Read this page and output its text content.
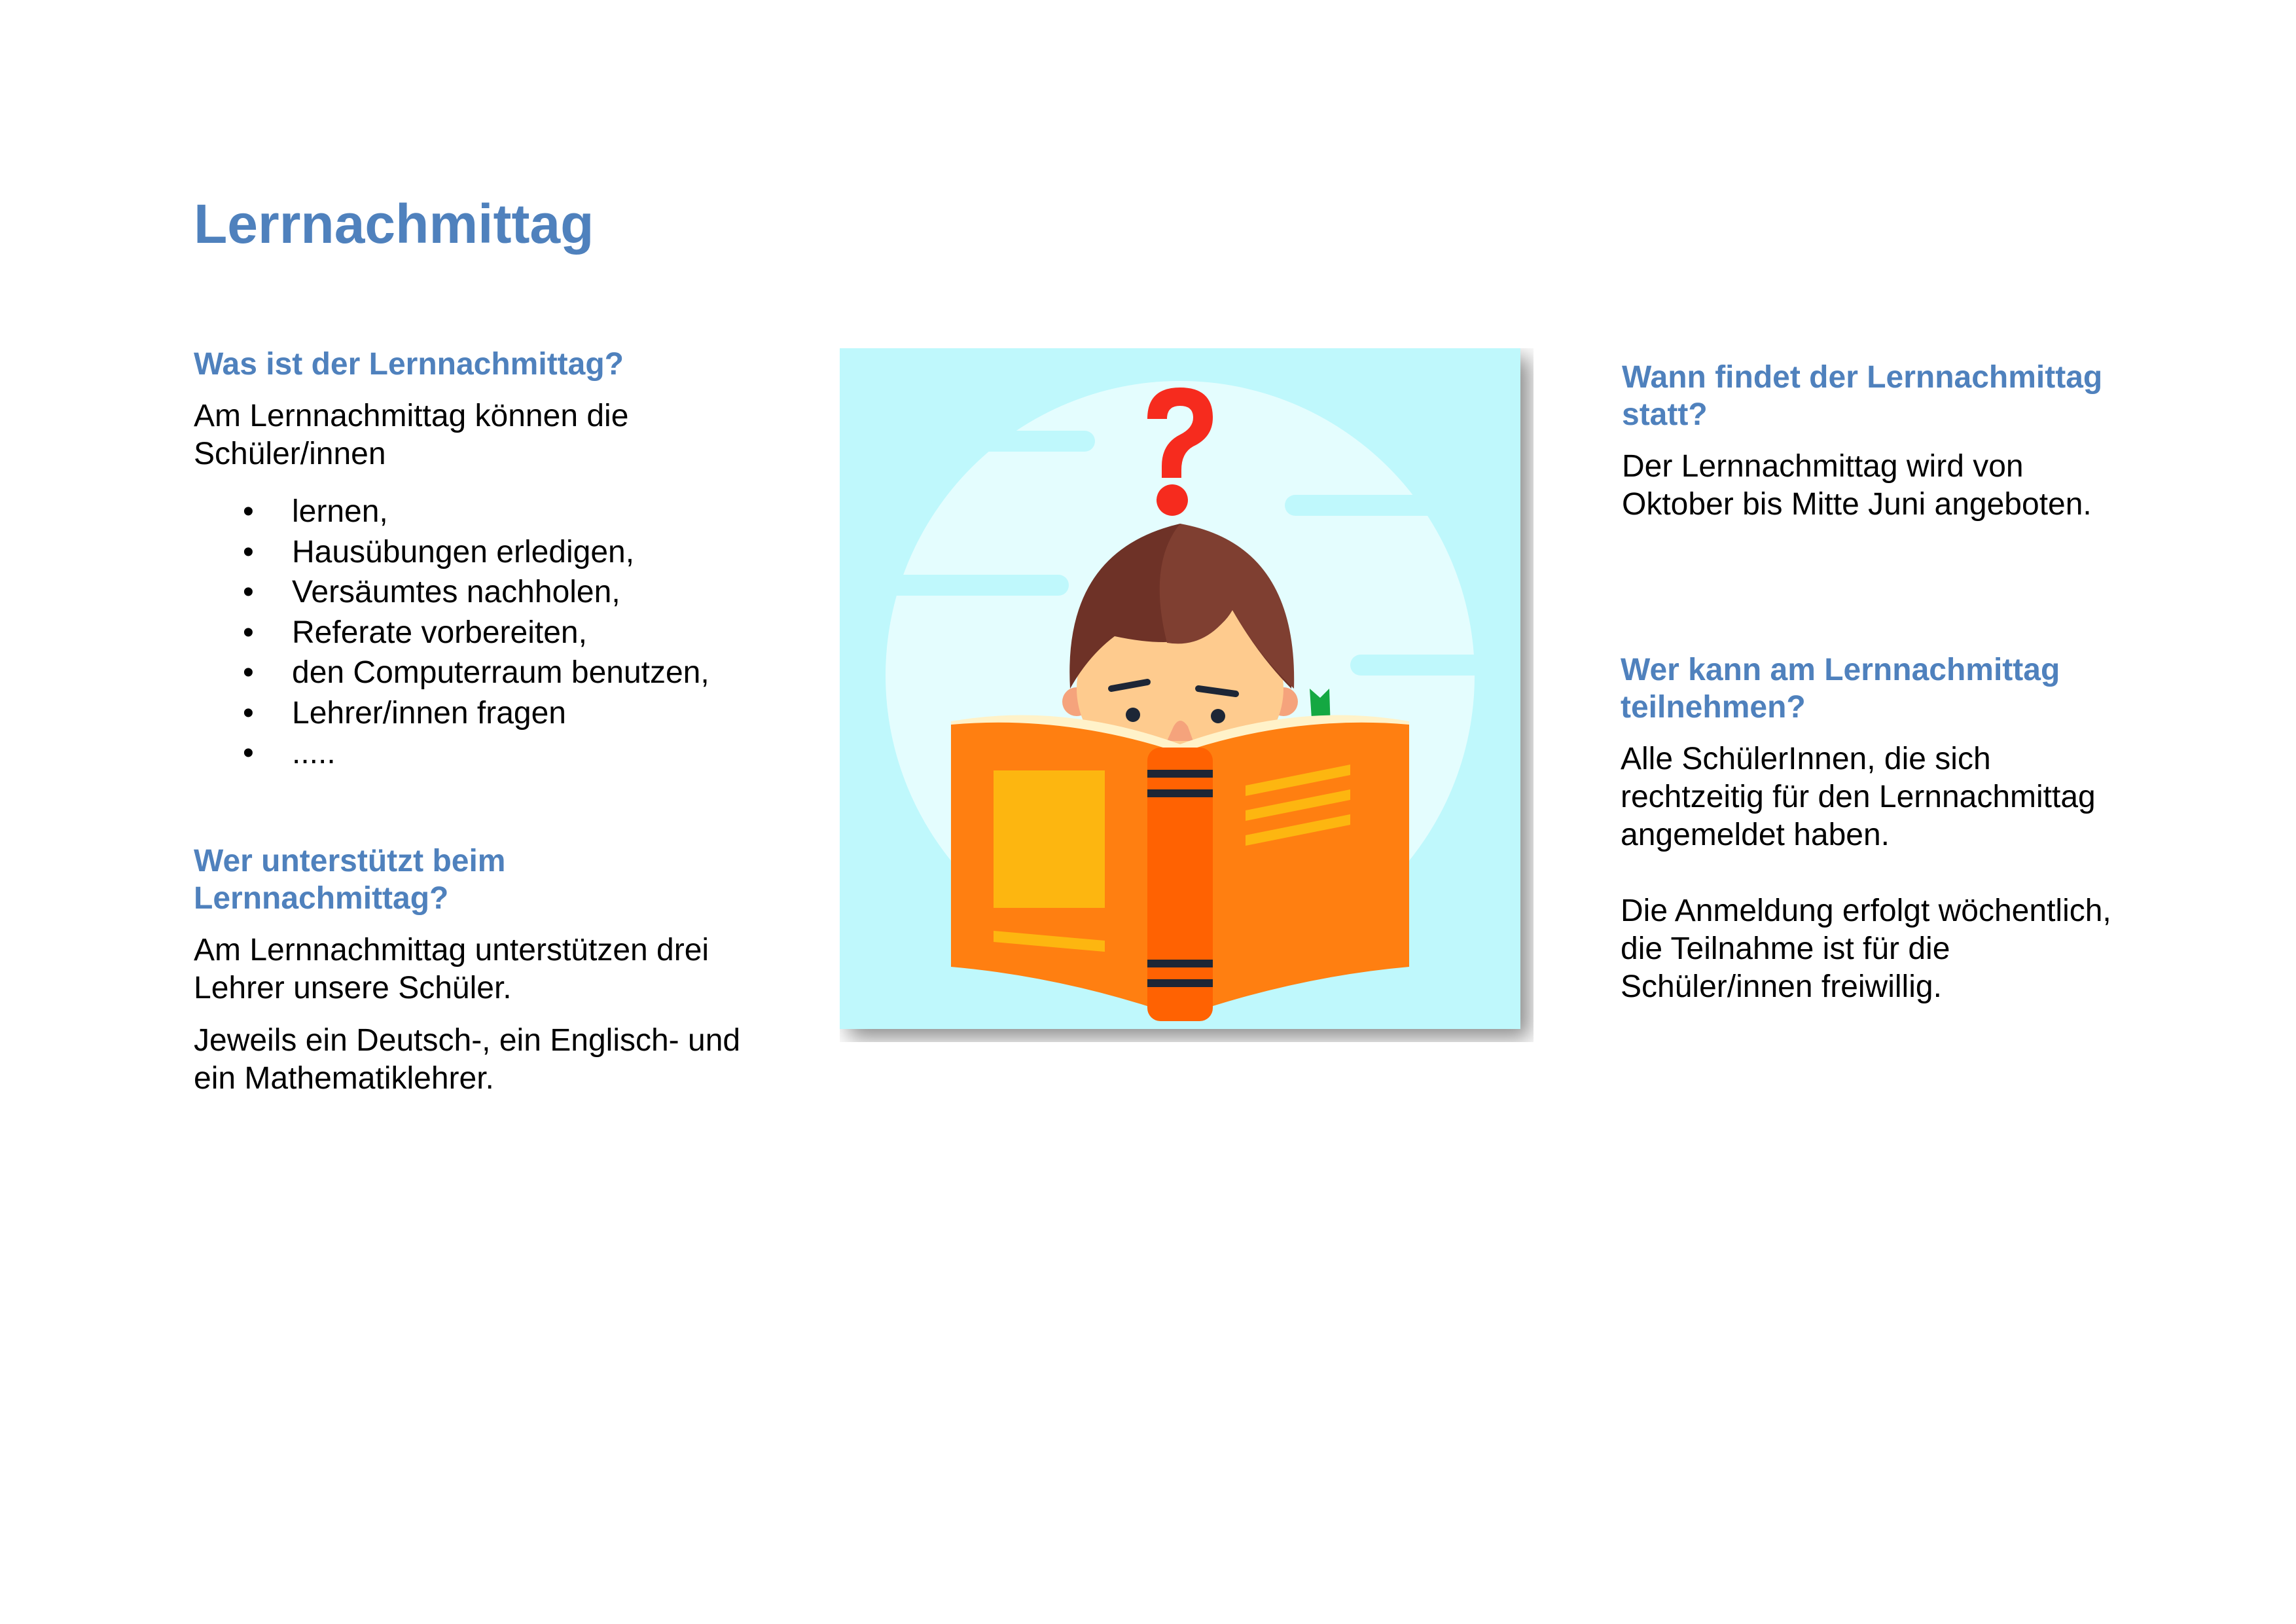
Lerrnachmittag
Was ist der Lernnachmittag?

Am Lernnachmittag können die
Schüler/innen

• lernen,
• Hausübungen erledigen,
• Versäumtes nachholen,
• Referate vorbereiten,
• den Computerraum benutzen,
• Lehrer/innen fragen
• .....
Wer unterstützt beim
Lernnachmittag?

Am Lernnachmittag unterstützen drei
Lehrer unsere Schüler.

Jeweils ein Deutsch-, ein Englisch- und
ein Mathematiklehrer.

Wann findet der Lernnachmittag
statt?

Der Lernnachmittag wird von
Oktober bis Mitte Juni angeboten.

Wer kann am Lernnachmittag
teilnehmen?

Alle SchülerInnen, die sich
rechtzeitig für den Lernnachmittag
angemeldet haben.

Die Anmeldung erfolgt wöchentlich,
die Teilnahme ist für die
Schüler/innen freiwillig.
